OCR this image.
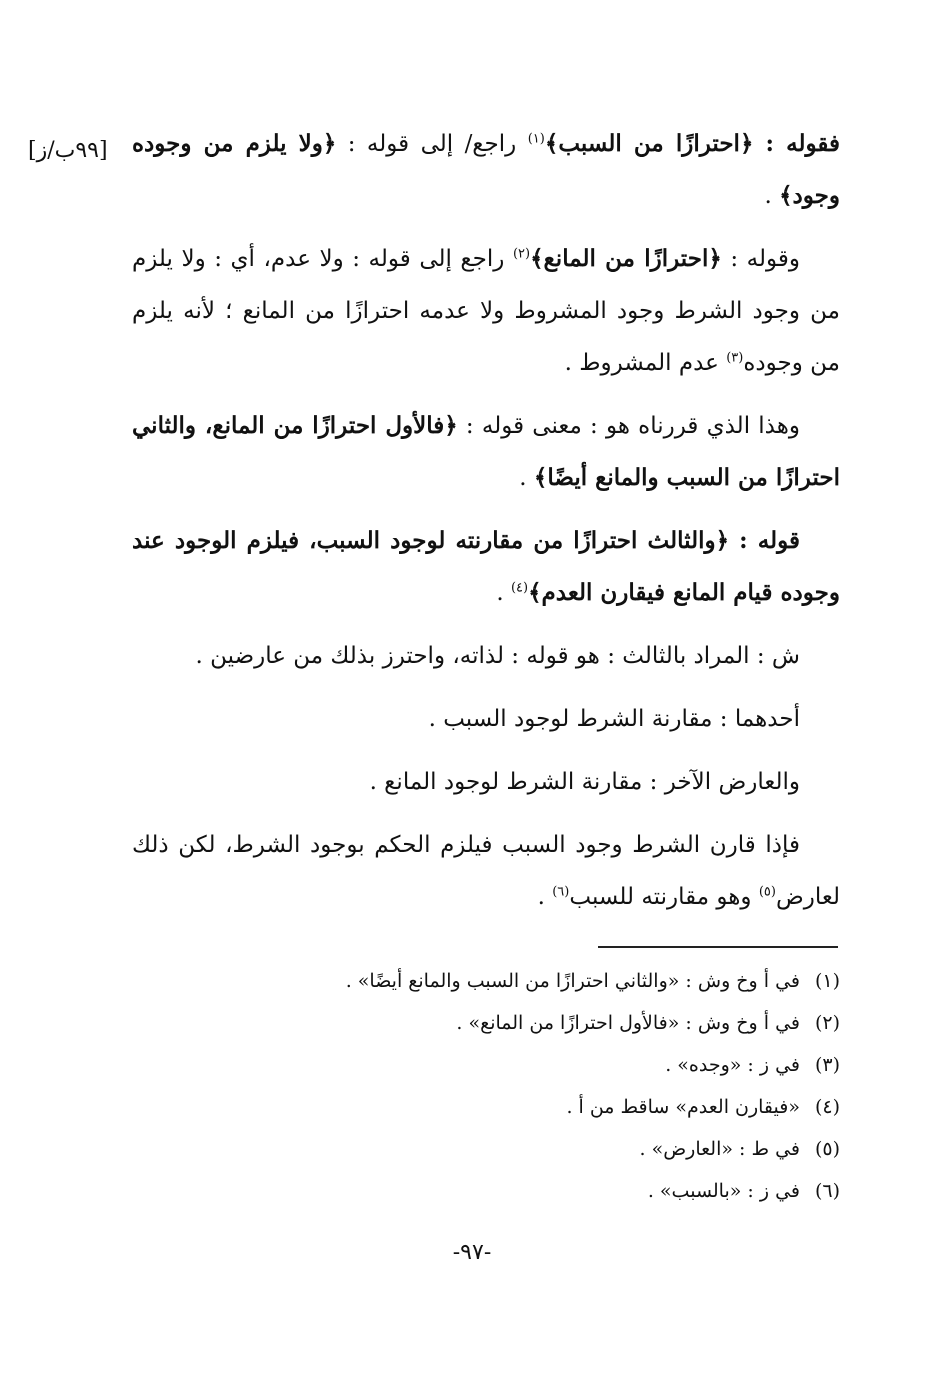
[٩٩ب/ز]	فقوله : ﴿احترازًا من السبب﴾$^{(١)}$ راجع/ إلى قوله : ﴿ولا يلزم من وجوده وجود﴾ .

وقوله : ﴿احترازًا من المانع﴾$^{(٢)}$ راجع إلى قوله : ولا عدم، أي : ولا يلزم من وجود الشرط وجود المشروط ولا عدمه احترازًا من المانع ؛ لأنه يلزم من وجوده$^{(٣)}$ عدم المشروط .

وهذا الذي قررناه هو : معنى قوله : ﴿فالأول احترازًا من المانع، والثاني احترازًا من السبب والمانع أيضًا﴾ .

قوله : ﴿والثالث احترازًا من مقارنته لوجود السبب، فيلزم الوجود عند وجوده قيام المانع فيقارن العدم﴾$^{(٤)}$ .

ش : المراد بالثالث : هو قوله : لذاته، واحترز بذلك من عارضين .

أحدهما : مقارنة الشرط لوجود السبب .

والعارض الآخر : مقارنة الشرط لوجود المانع .

فإذا قارن الشرط وجود السبب فيلزم الحكم بوجود الشرط، لكن ذلك لعارض$^{(٥)}$ وهو مقارنته للسبب$^{(٦)}$ .

(١)في أ وخ وش : «والثاني احترازًا من السبب والمانع أيضًا» .
(٢)في أ وخ وش : «فالأول احترازًا من المانع» .
(٣)في ز : «وجده» .
(٤)«فيقارن العدم» ساقط من أ .
(٥)في ط : «العارض» .
(٦)في ز : «بالسبب» .
-٩٧-
